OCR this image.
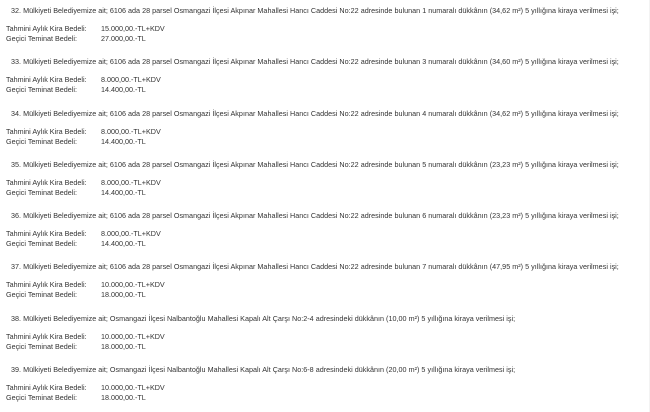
32. Mülkiyeti Belediyemize ait; 6106 ada 28 parsel Osmangazi İlçesi Akpınar Mahallesi Hancı Caddesi No:22 adresinde bulunan 1 numaralı dükkânın (34,62 m²) 5 yıllığına kiraya verilmesi işi;
Tahmini Aylık Kira Bedeli: 15.000,00.-TL+KDV
Geçici Teminat Bedeli:	27.000,00.-TL
33. Mülkiyeti Belediyemize ait; 6106 ada 28 parsel Osmangazi İlçesi Akpınar Mahallesi Hancı Caddesi No:22 adresinde bulunan 3 numaralı dükkânın (34,60 m²) 5 yıllığına kiraya verilmesi işi;
Tahmini Aylık Kira Bedeli: 8.000,00.-TL+KDV
Geçici Teminat Bedeli:	14.400,00.-TL
34. Mülkiyeti Belediyemize ait; 6106 ada 28 parsel Osmangazi İlçesi Akpınar Mahallesi Hancı Caddesi No:22 adresinde bulunan 4 numaralı dükkânın (34,62 m²) 5 yıllığına kiraya verilmesi işi;
Tahmini Aylık Kira Bedeli: 8.000,00.-TL+KDV
Geçici Teminat Bedeli:	14.400,00.-TL
35. Mülkiyeti Belediyemize ait; 6106 ada 28 parsel Osmangazi İlçesi Akpınar Mahallesi Hancı Caddesi No:22 adresinde bulunan 5 numaralı dükkânın (23,23 m²) 5 yıllığına kiraya verilmesi işi;
Tahmini Aylık Kira Bedeli: 8.000,00.-TL+KDV
Geçici Teminat Bedeli:	14.400,00.-TL
36. Mülkiyeti Belediyemize ait; 6106 ada 28 parsel Osmangazi İlçesi Akpınar Mahallesi Hancı Caddesi No:22 adresinde bulunan 6 numaralı dükkânın (23,23 m²) 5 yıllığına kiraya verilmesi işi;
Tahmini Aylık Kira Bedeli: 8.000,00.-TL+KDV
Geçici Teminat Bedeli:	14.400,00.-TL
37. Mülkiyeti Belediyemize ait; 6106 ada 28 parsel Osmangazi İlçesi Akpınar Mahallesi Hancı Caddesi No:22 adresinde bulunan 7 numaralı dükkânın (47,95 m²) 5 yıllığına kiraya verilmesi işi;
Tahmini Aylık Kira Bedeli: 10.000,00.-TL+KDV
Geçici Teminat Bedeli:	18.000,00.-TL
38. Mülkiyeti Belediyemize ait; Osmangazi İlçesi Nalbantoğlu Mahallesi Kapalı Alt Çarşı No:2-4 adresindeki dükkânın (10,00 m²) 5 yıllığına kiraya verilmesi işi;
Tahmini Aylık Kira Bedeli: 10.000,00.-TL+KDV
Geçici Teminat Bedeli:	18.000,00.-TL
39. Mülkiyeti Belediyemize ait; Osmangazi İlçesi Nalbantoğlu Mahallesi Kapalı Alt Çarşı No:6-8 adresindeki dükkânın (20,00 m²) 5 yıllığına kiraya verilmesi işi;
Tahmini Aylık Kira Bedeli: 10.000,00.-TL+KDV
Geçici Teminat Bedeli:	18.000,00.-TL
